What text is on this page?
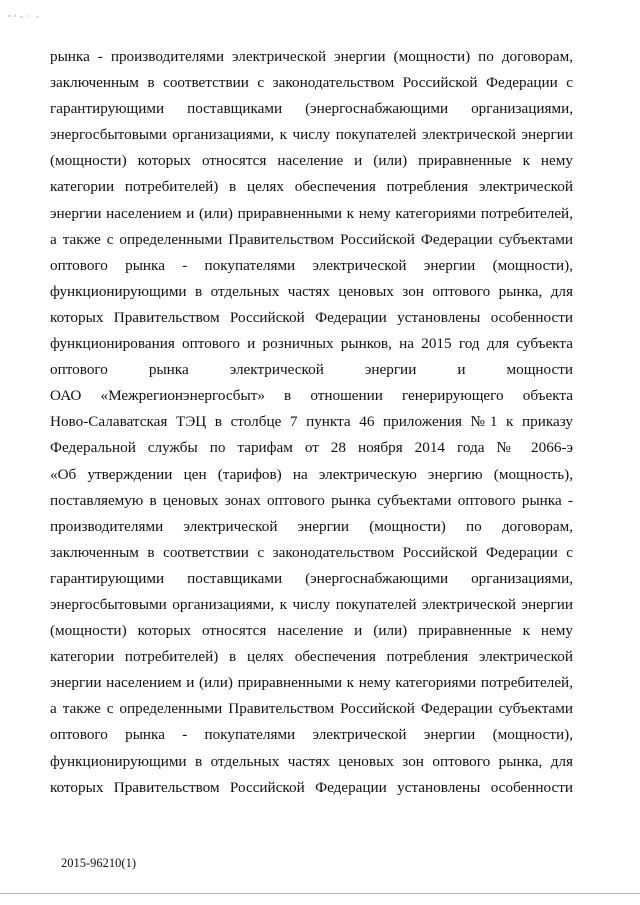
рынка - производителями электрической энергии (мощности) по договорам,
заключенным в соответствии с законодательством Российской Федерации с
гарантирующими поставщиками (энергоснабжающими организациями,
энергосбытовыми организациями, к числу покупателей электрической энергии
(мощности) которых относятся население и (или) приравненные к нему
категории потребителей) в целях обеспечения потребления электрической
энергии населением и (или) приравненными к нему категориями потребителей,
а также с определенными Правительством Российской Федерации субъектами
оптового рынка - покупателями электрической энергии (мощности),
функционирующими в отдельных частях ценовых зон оптового рынка, для
которых Правительством Российской Федерации установлены особенности
функционирования оптового и розничных рынков, на 2015 год для субъекта
оптового рынка электрической энергии и мощности
ОАО «Межрегионэнергосбыт» в отношении генерирующего объекта
Ново-Салаватская ТЭЦ в столбце 7 пункта 46 приложения №1 к приказу
Федеральной службы по тарифам от 28 ноября 2014 года № 2066-э
«Об утверждении цен (тарифов) на электрическую энергию (мощность),
поставляемую в ценовых зонах оптового рынка субъектами оптового рынка -
производителями электрической энергии (мощности) по договорам,
заключенным в соответствии с законодательством Российской Федерации с
гарантирующими поставщиками (энергоснабжающими организациями,
энергосбытовыми организациями, к числу покупателей электрической энергии
(мощности) которых относятся население и (или) приравненные к нему
категории потребителей) в целях обеспечения потребления электрической
энергии населением и (или) приравненными к нему категориями потребителей,
а также с определенными Правительством Российской Федерации субъектами
оптового рынка - покупателями электрической энергии (мощности),
функционирующими в отдельных частях ценовых зон оптового рынка, для
которых Правительством Российской Федерации установлены особенности
2015-96210(1)
